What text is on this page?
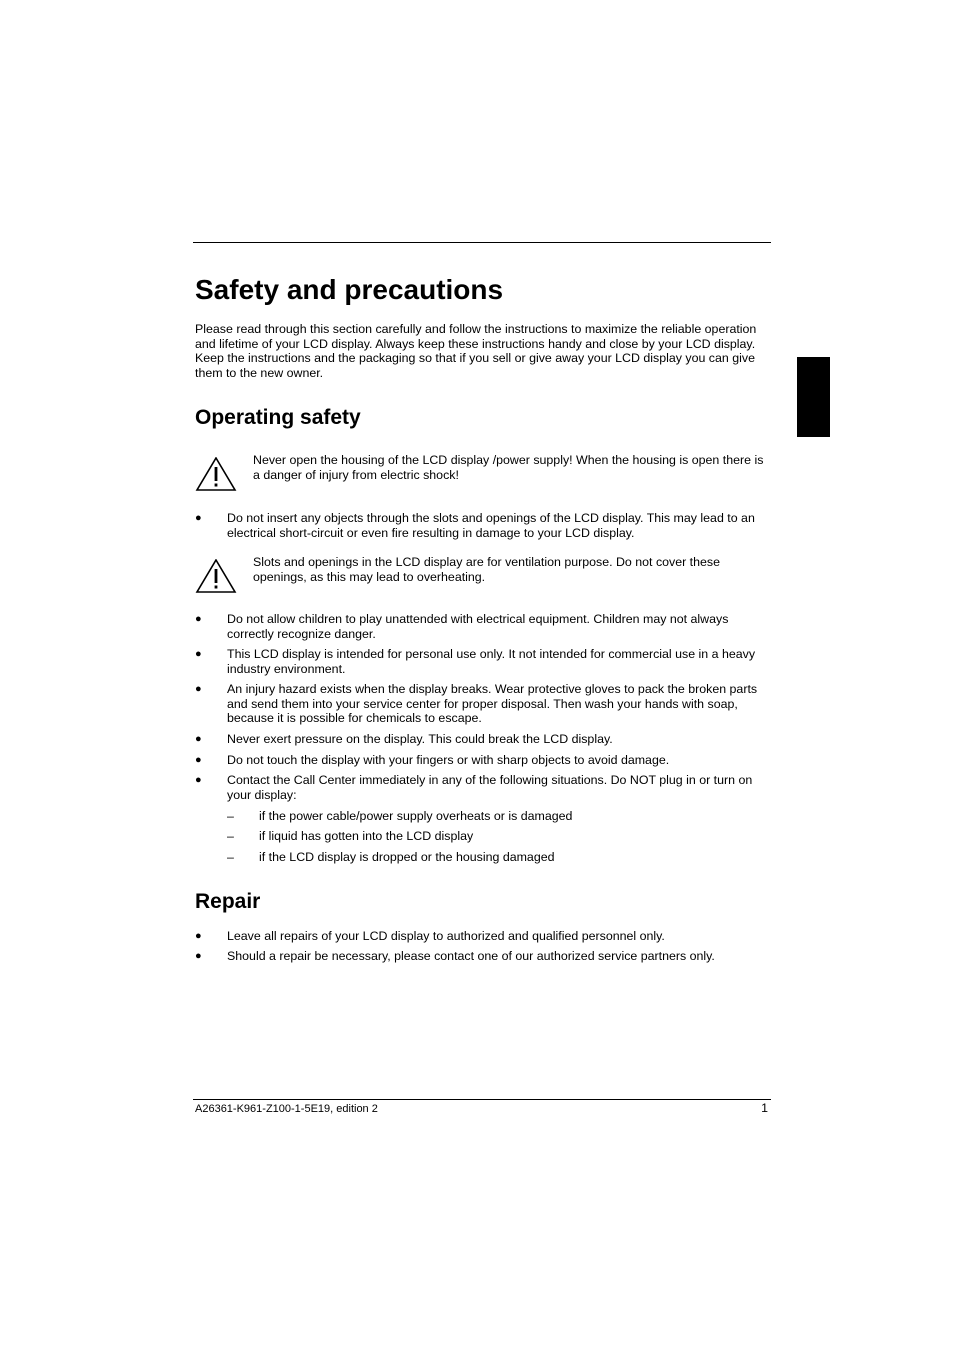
Safety and precautions

Please read through this section carefully and follow the instructions to maximize the reliable operation and lifetime of your LCD display. Always keep these instructions handy and close by your LCD display. Keep the instructions and the packaging so that if you sell or give away your LCD display you can give them to the new owner.

Operating safety

Never open the housing of the LCD display /power supply! When the housing is open there is a danger of injury from electric shock!

● Do not insert any objects through the slots and openings of the LCD display. This may lead to an electrical short-circuit or even fire resulting in damage to your LCD display.

Slots and openings in the LCD display are for ventilation purpose. Do not cover these openings, as this may lead to overheating.

● Do not allow children to play unattended with electrical equipment. Children may not always correctly recognize danger.
● This LCD display is intended for personal use only. It not intended for commercial use in a heavy industry environment.
● An injury hazard exists when the display breaks. Wear protective gloves to pack the broken parts and send them into your service center for proper disposal. Then wash your hands with soap, because it is possible for chemicals to escape.
● Never exert pressure on the display. This could break the LCD display.
● Do not touch the display with your fingers or with sharp objects to avoid damage.
● Contact the Call Center immediately in any of the following situations. Do NOT plug in or turn on your display:
– if the power cable/power supply overheats or is damaged
– if liquid has gotten into the LCD display
– if the LCD display is dropped or the housing damaged
Repair
● Leave all repairs of your LCD display to authorized and qualified personnel only.
● Should a repair be necessary, please contact one of our authorized service partners only.
A26361-K961-Z100-1-5E19, edition 2	1
